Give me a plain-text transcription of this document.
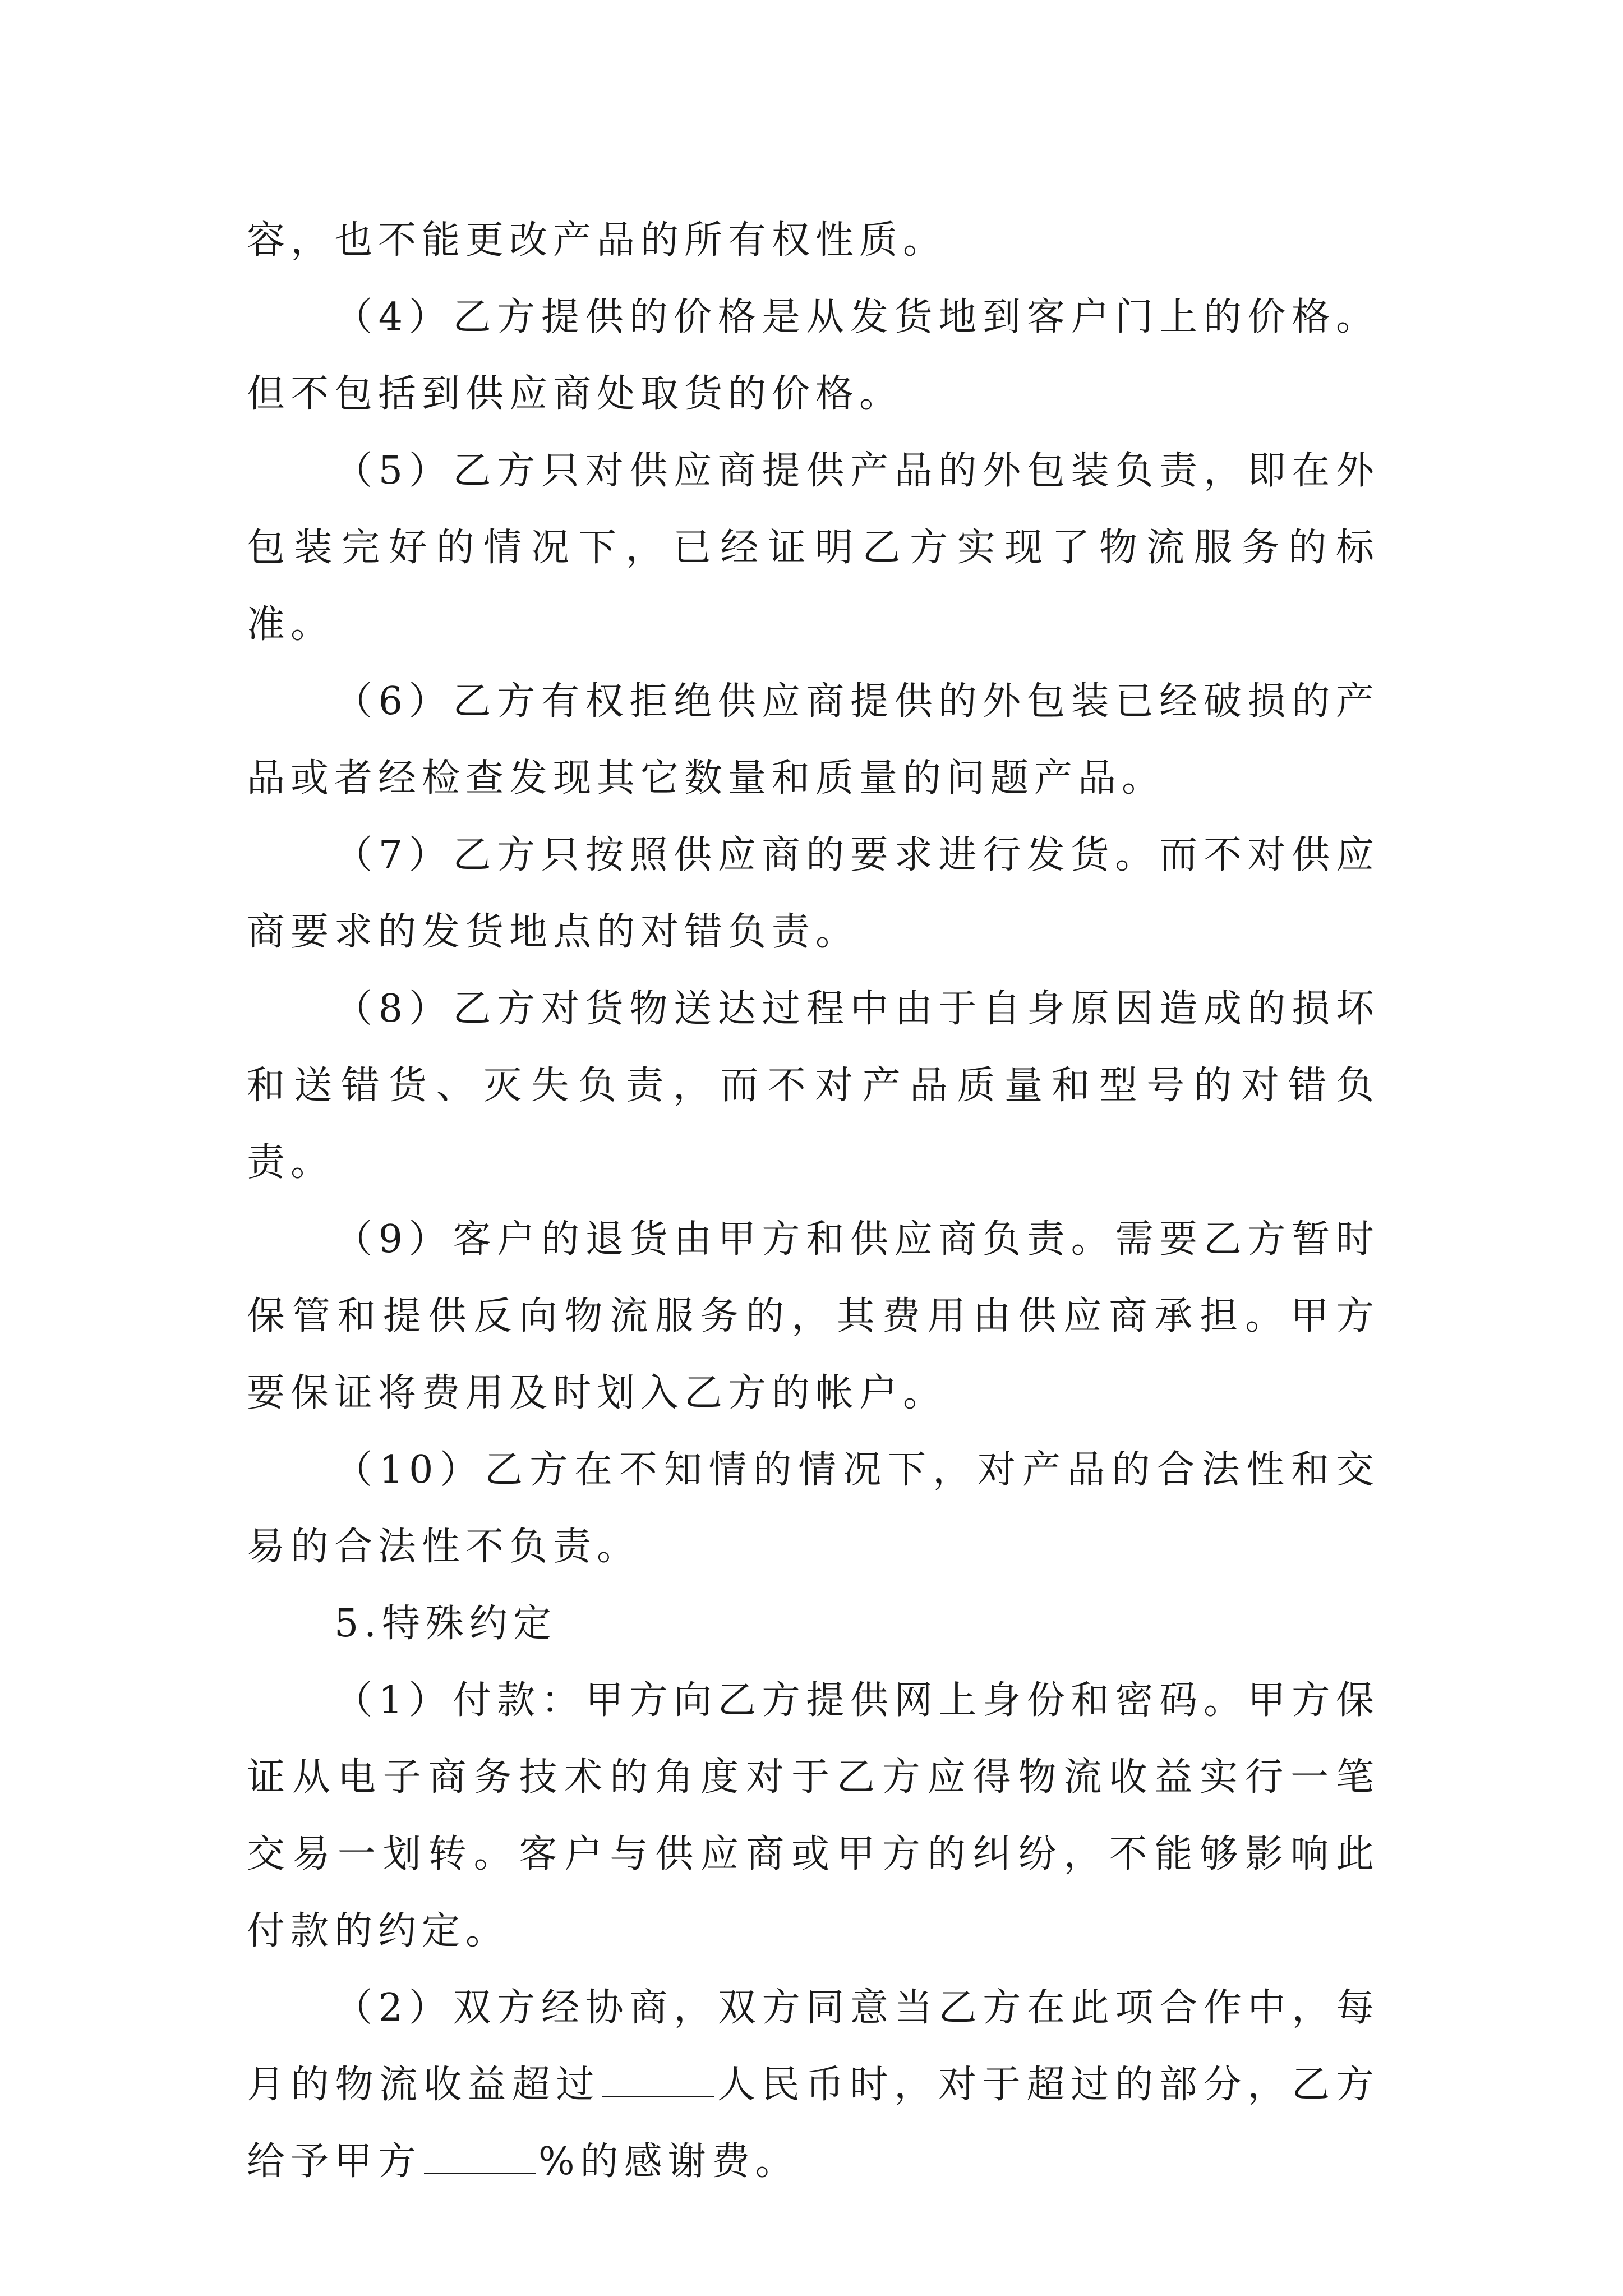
容，也不能更改产品的所有权性质。

（4）乙方提供的价格是从发货地到客户门上的价格。但不包括到供应商处取货的价格。

（5）乙方只对供应商提供产品的外包装负责，即在外包装完好的情况下，已经证明乙方实现了物流服务的标准。

（6）乙方有权拒绝供应商提供的外包装已经破损的产品或者经检查发现其它数量和质量的问题产品。

（7）乙方只按照供应商的要求进行发货。而不对供应商要求的发货地点的对错负责。

（8）乙方对货物送达过程中由于自身原因造成的损坏和送错货、灭失负责，而不对产品质量和型号的对错负责。

（9）客户的退货由甲方和供应商负责。需要乙方暂时保管和提供反向物流服务的，其费用由供应商承担。甲方要保证将费用及时划入乙方的帐户。

（10）乙方在不知情的情况下，对产品的合法性和交易的合法性不负责。

5.特殊约定

（1）付款：甲方向乙方提供网上身份和密码。甲方保证从电子商务技术的角度对于乙方应得物流收益实行一笔交易一划转。客户与供应商或甲方的纠纷，不能够影响此付款的约定。

（2）双方经协商，双方同意当乙方在此项合作中，每月的物流收益超过	人民币时，对于超过的部分，乙方给予甲方	%的感谢费。
